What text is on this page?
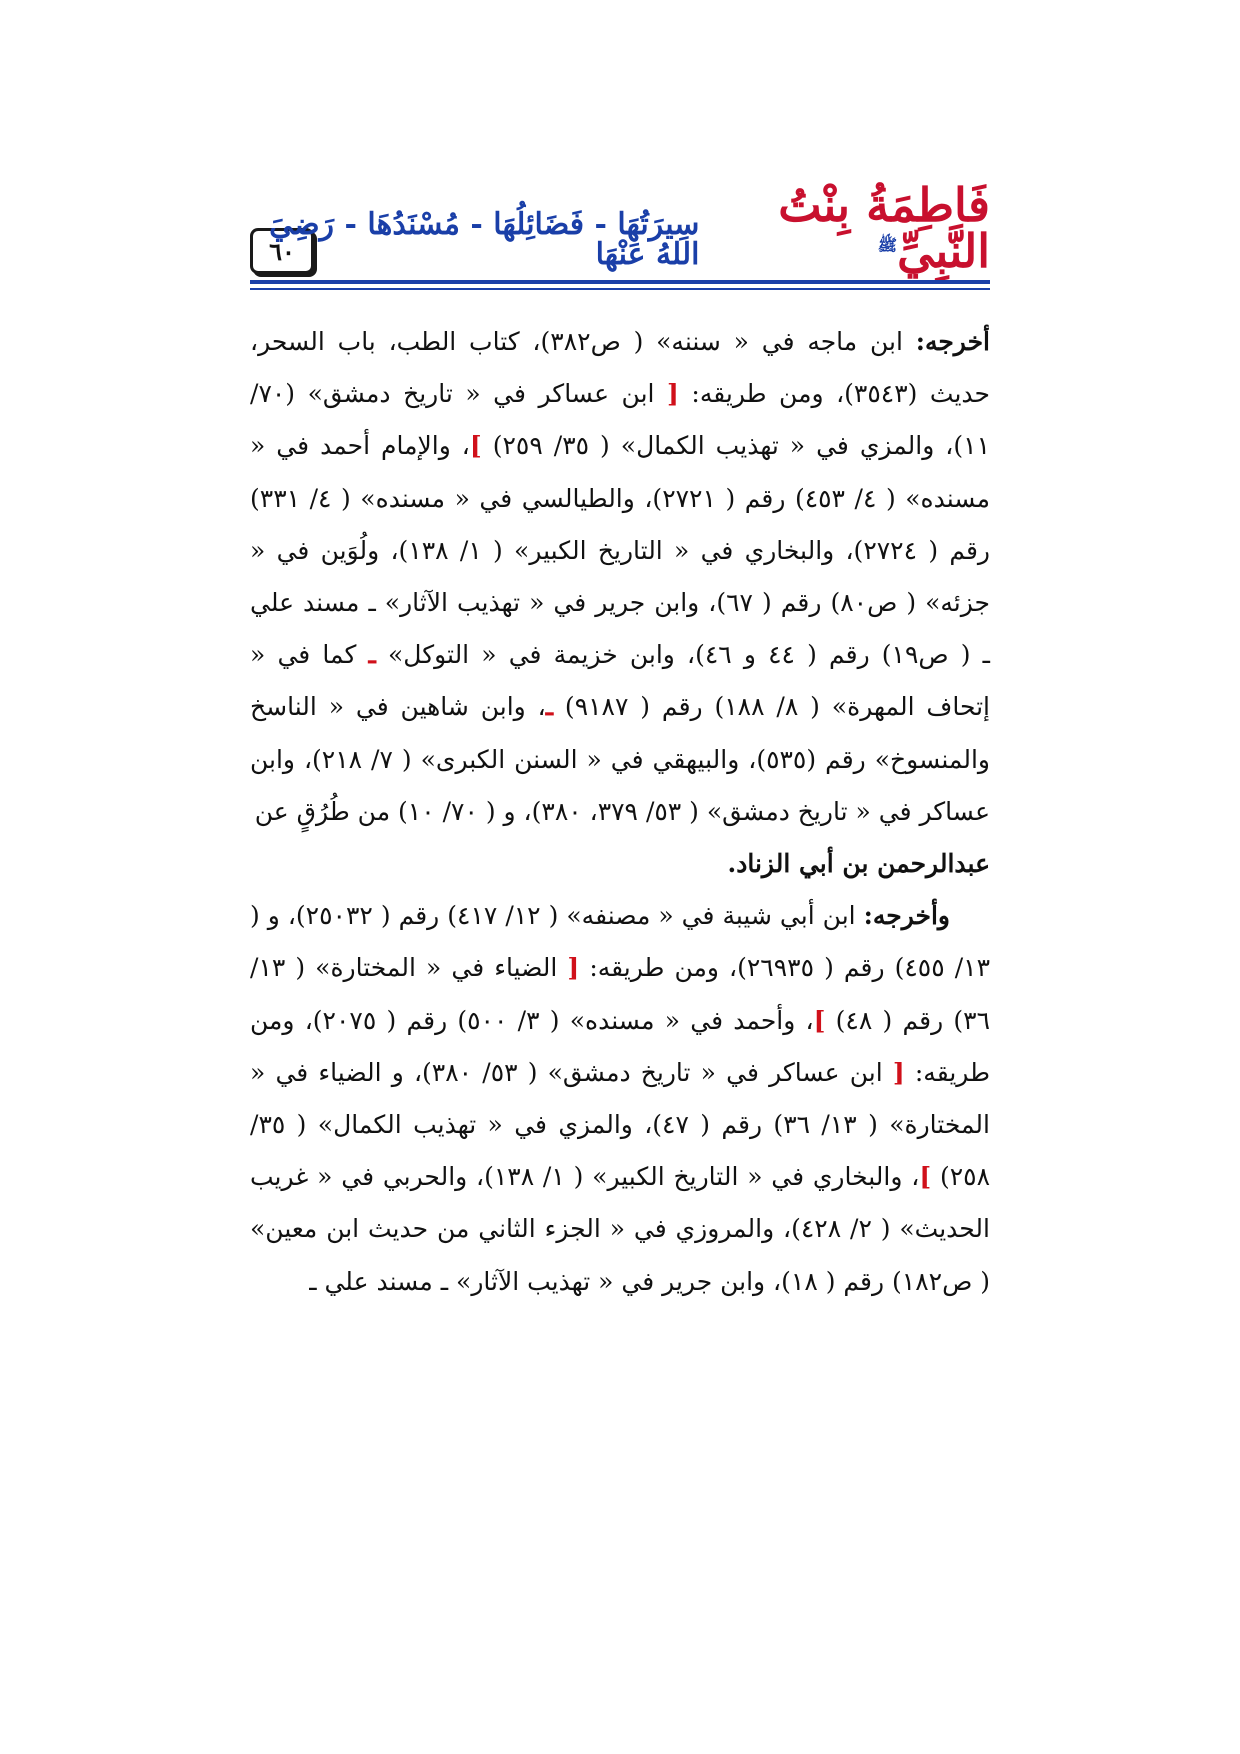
٦٠
فَاطِمَةُ بِنْتُ النَّبِيِّ$^ﷺ$
سِيرَتُهَا - فَضَائِلُهَا - مُسْنَدُهَا - رَضِيَ اللهُ عَنْهَا

أخرجه: ابن ماجه في « سننه» ( ص٣٨٢)، كتاب الطب، باب السحر، حديث (٣٥٤٣)، ومن طريقه: [ ابن عساكر في « تاريخ دمشق» (٧٠/ ١١)، والمزي في « تهذيب الكمال» ( ٣٥/ ٢٥٩) ]، والإمام أحمد في « مسنده» ( ٤/ ٤٥٣) رقم ( ٢٧٢١)، والطيالسي في « مسنده» ( ٤/ ٣٣١) رقم ( ٢٧٢٤)، والبخاري في « التاريخ الكبير» ( ١/ ١٣٨)، ولُوَين في « جزئه» ( ص٨٠) رقم ( ٦٧)، وابن جرير في « تهذيب الآثار» ـ مسند علي ـ ( ص١٩) رقم ( ٤٤ و ٤٦)، وابن خزيمة في « التوكل» ـ كما في « إتحاف المهرة» ( ٨/ ١٨٨) رقم ( ٩١٨٧) ـ، وابن شاهين في « الناسخ والمنسوخ» رقم (٥٣٥)، والبيهقي في « السنن الكبرى» ( ٧/ ٢١٨)، وابن عساكر في « تاريخ دمشق» ( ٥٣/ ٣٧٩، ٣٨٠)، و ( ٧٠/ ١٠) من طُرُقٍ عن
عبدالرحمن بن أبي الزناد.

وأخرجه: ابن أبي شيبة في « مصنفه» ( ١٢/ ٤١٧) رقم ( ٢٥٠٣٢)، و ( ١٣/ ٤٥٥) رقم ( ٢٦٩٣٥)، ومن طريقه: [ الضياء في « المختارة» ( ١٣/ ٣٦) رقم ( ٤٨) ]، وأحمد في « مسنده» ( ٣/ ٥٠٠) رقم ( ٢٠٧٥)، ومن طريقه: [ ابن عساكر في « تاريخ دمشق» ( ٥٣/ ٣٨٠)، و الضياء في « المختارة» ( ١٣/ ٣٦) رقم ( ٤٧)، والمزي في « تهذيب الكمال» ( ٣٥/ ٢٥٨) ]، والبخاري في « التاريخ الكبير» ( ١/ ١٣٨)، والحربي في « غريب الحديث» ( ٢/ ٤٢٨)، والمروزي في « الجزء الثاني من حديث ابن معين» ( ص١٨٢) رقم ( ١٨)، وابن جرير في « تهذيب الآثار» ـ مسند علي ـ
